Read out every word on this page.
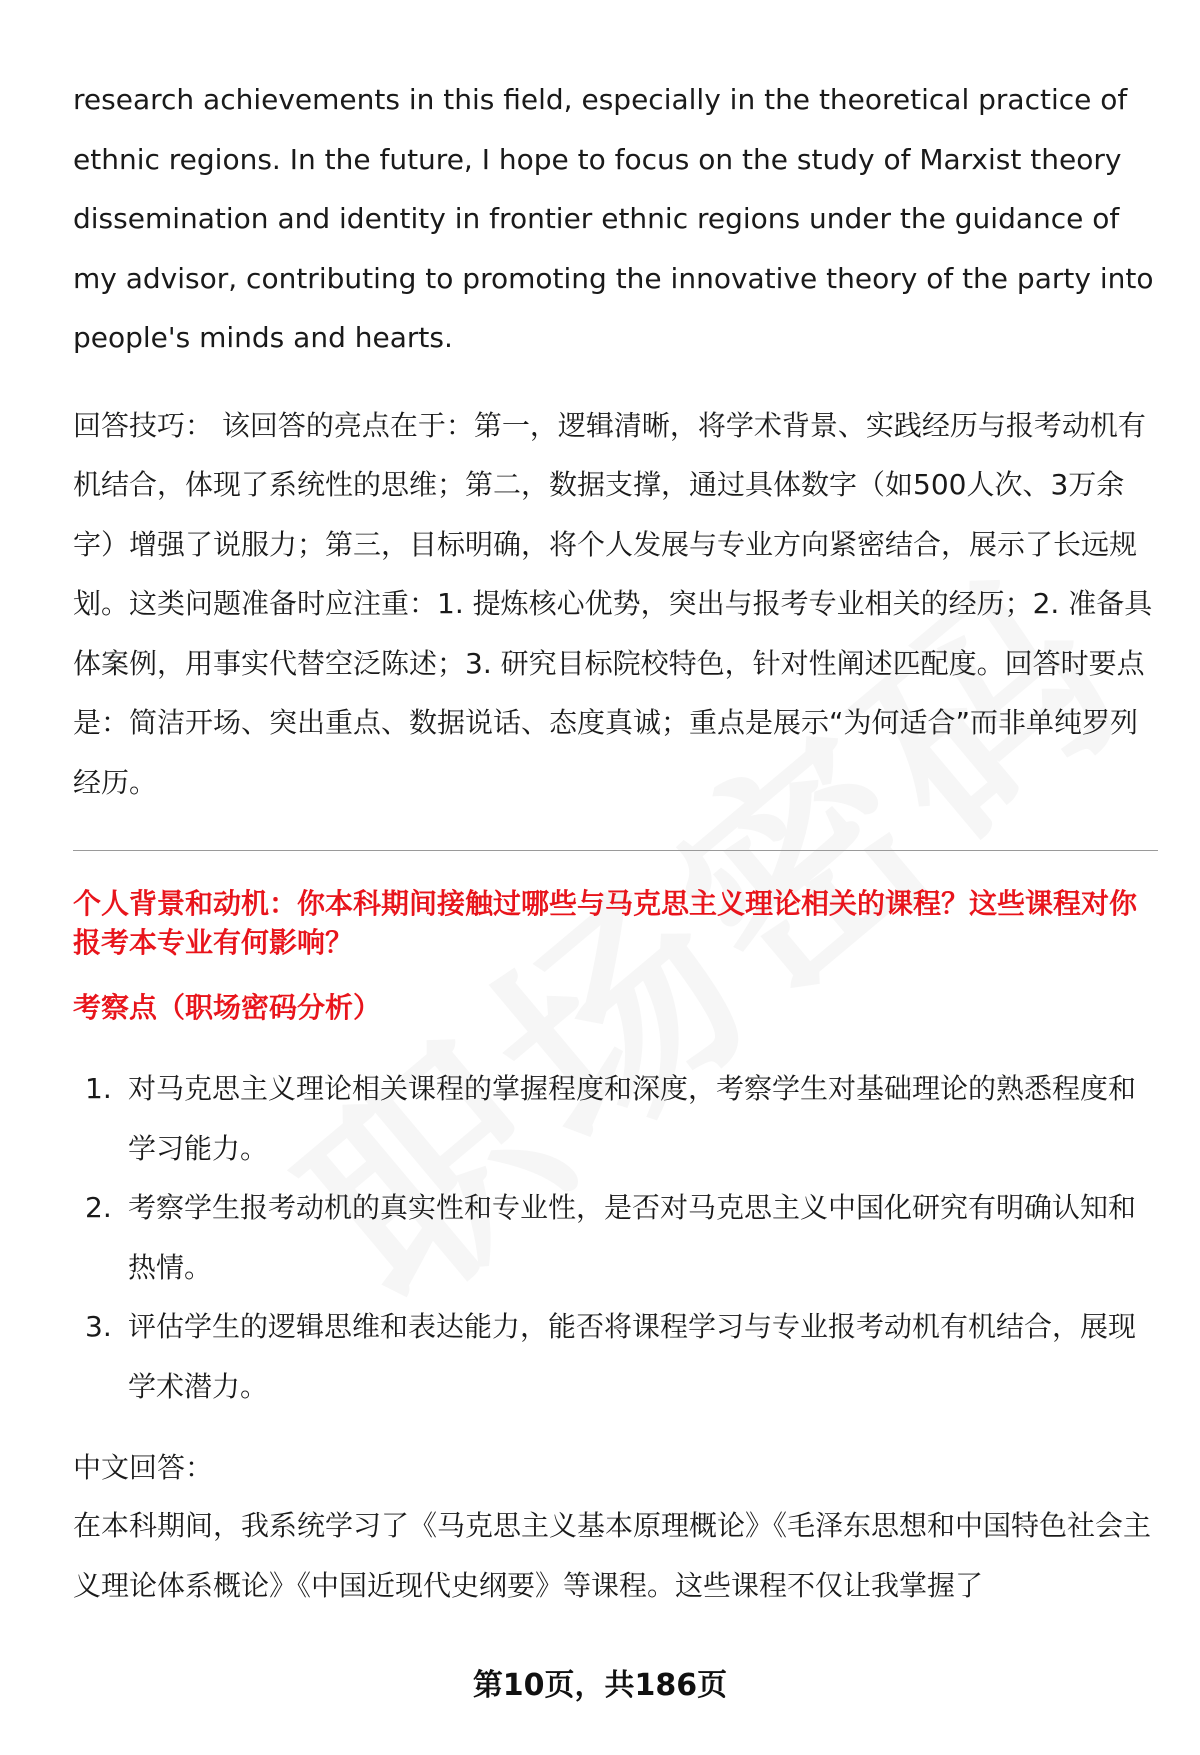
research achievements in this field, especially in the theoretical practice of ethnic regions. In the future, I hope to focus on the study of Marxist theory dissemination and identity in frontier ethnic regions under the guidance of my advisor, contributing to promoting the innovative theory of the party into people's minds and hearts.

回答技巧： 该回答的亮点在于：第一，逻辑清晰，将学术背景、实践经历与报考动机有机结合，体现了系统性的思维；第二，数据支撑，通过具体数字（如500人次、3万余字）增强了说服力；第三，目标明确，将个人发展与专业方向紧密结合，展示了长远规划。这类问题准备时应注重：1. 提炼核心优势，突出与报考专业相关的经历；2. 准备具体案例，用事实代替空泛陈述；3. 研究目标院校特色，针对性阐述匹配度。回答时要点是：简洁开场、突出重点、数据说话、态度真诚；重点是展示“为何适合”而非单纯罗列经历。

个人背景和动机：你本科期间接触过哪些与马克思主义理论相关的课程？这些课程对你报考本专业有何影响？
考察点（职场密码分析）
1. 对马克思主义理论相关课程的掌握程度和深度，考察学生对基础理论的熟悉程度和学习能力。
2. 考察学生报考动机的真实性和专业性，是否对马克思主义中国化研究有明确认知和热情。
3. 评估学生的逻辑思维和表达能力，能否将课程学习与专业报考动机有机结合，展现学术潜力。
中文回答：

在本科期间，我系统学习了《马克思主义基本原理概论》《毛泽东思想和中国特色社会主义理论体系概论》《中国近现代史纲要》等课程。这些课程不仅让我掌握了

第10页，共186页
